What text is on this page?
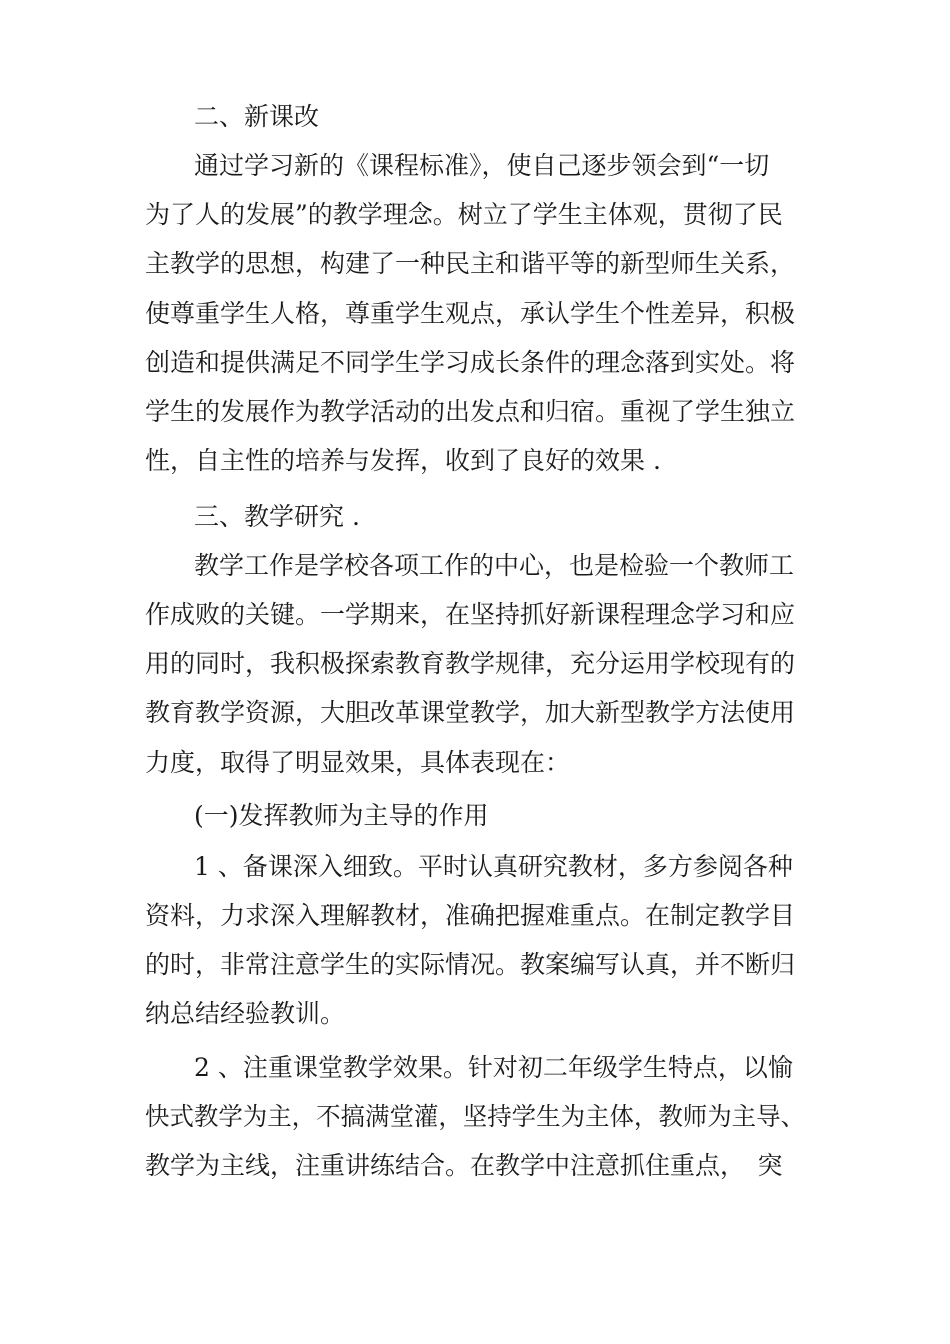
二、新课改
通过学习新的《课程标准》，使自己逐步领会到“一切
为了人的发展”的教学理念。树立了学生主体观，贯彻了民
主教学的思想，构建了一种民主和谐平等的新型师生关系，
使尊重学生人格，尊重学生观点，承认学生个性差异，积极
创造和提供满足不同学生学习成长条件的理念落到实处。将
学生的发展作为教学活动的出发点和归宿。重视了学生独立
性，自主性的培养与发挥，收到了良好的效果 .
三、教学研究 .
教学工作是学校各项工作的中心，也是检验一个教师工
作成败的关键。一学期来，在坚持抓好新课程理念学习和应
用的同时，我积极探索教育教学规律，充分运用学校现有的
教育教学资源，大胆改革课堂教学，加大新型教学方法使用
力度，取得了明显效果，具体表现在：
(一)发挥教师为主导的作用
1 、备课深入细致。平时认真研究教材，多方参阅各种
资料，力求深入理解教材，准确把握难重点。在制定教学目
的时，非常注意学生的实际情况。教案编写认真，并不断归
纳总结经验教训。
2 、注重课堂教学效果。针对初二年级学生特点，以愉
快式教学为主，不搞满堂灌，坚持学生为主体，教师为主导、
教学为主线，注重讲练结合。在教学中注意抓住重点，　突
